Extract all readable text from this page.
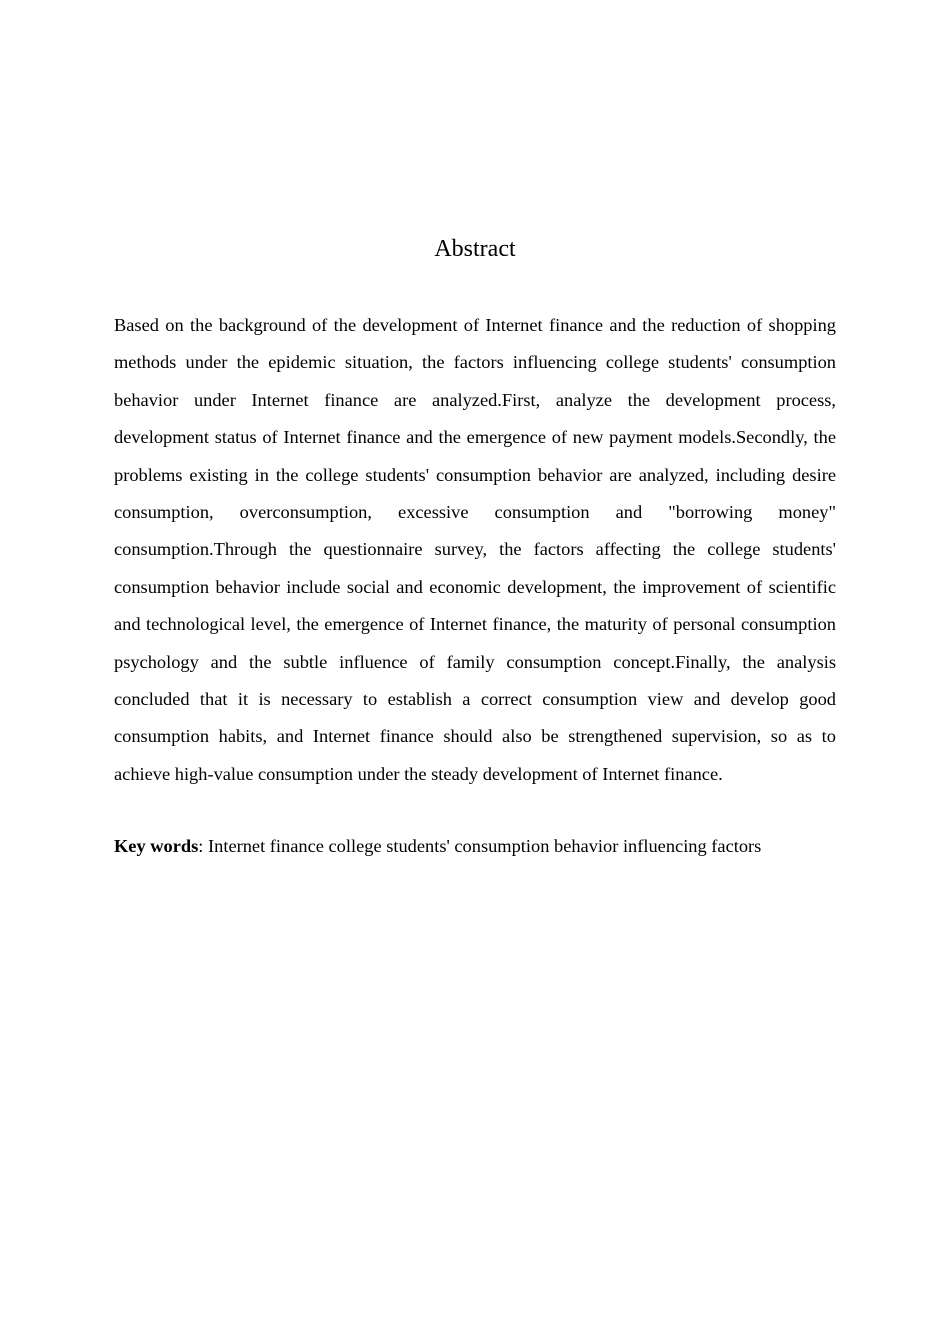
Abstract

Based on the background of the development of Internet finance and the reduction of shopping methods under the epidemic situation, the factors influencing college students' consumption behavior under Internet finance are analyzed.First, analyze the development process, development status of Internet finance and the emergence of new payment models.Secondly, the problems existing in the college students' consumption behavior are analyzed, including desire consumption, overconsumption, excessive consumption and "borrowing money" consumption.Through the questionnaire survey, the factors affecting the college students' consumption behavior include social and economic development, the improvement of scientific and technological level, the emergence of Internet finance, the maturity of personal consumption psychology and the subtle influence of family consumption concept.Finally, the analysis concluded that it is necessary to establish a correct consumption view and develop good consumption habits, and Internet finance should also be strengthened supervision, so as to achieve high-value consumption under the steady development of Internet finance.

Key words: Internet finance college students' consumption behavior influencing factors
